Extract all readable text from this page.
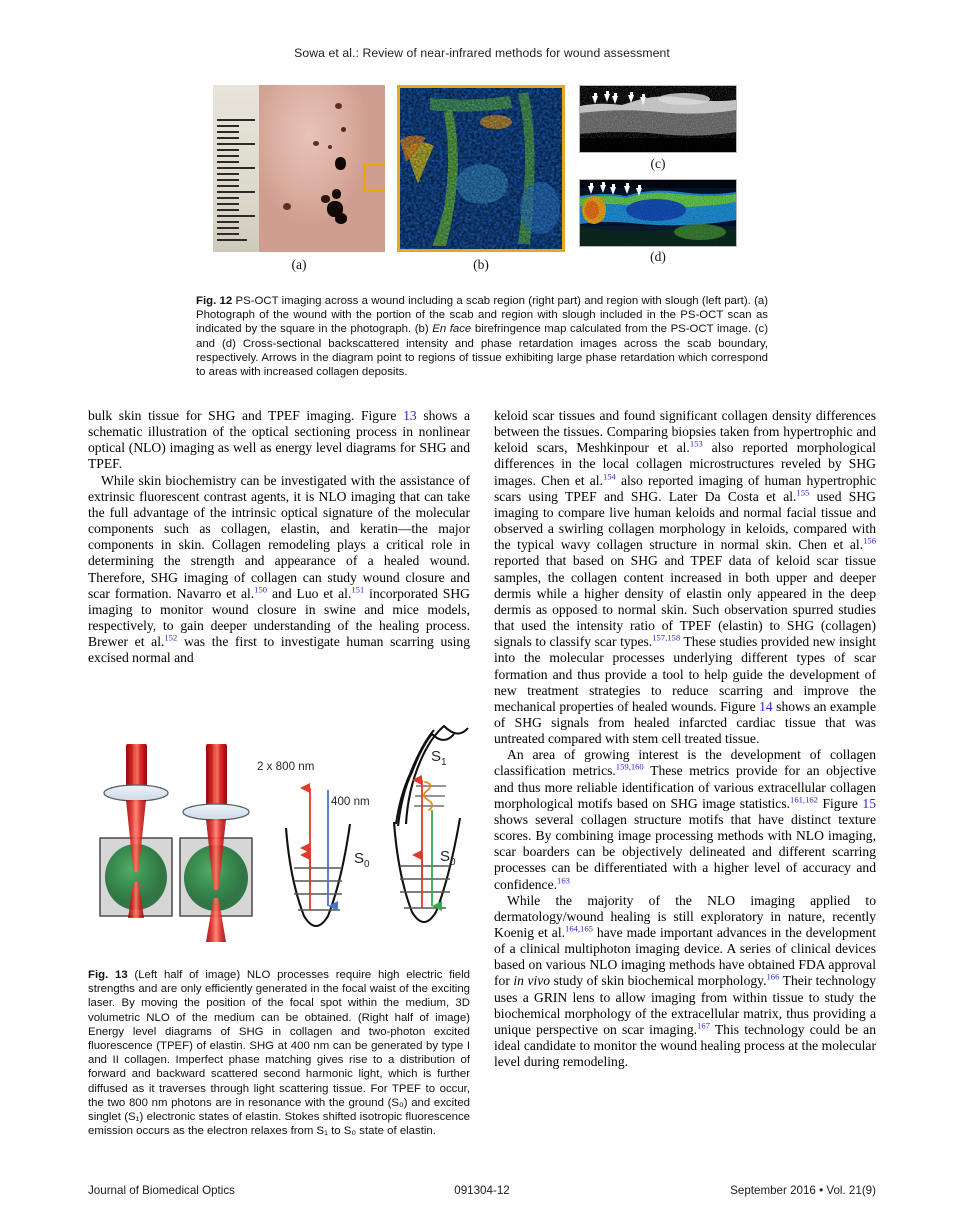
Sowa et al.: Review of near-infrared methods for wound assessment
(a)	(b)
(c)
(d)
Fig. 12 PS-OCT imaging across a wound including a scab region (right part) and region with slough (left part). (a) Photograph of the wound with the portion of the scab and region with slough included in the PS-OCT scan as indicated by the square in the photograph. (b) En face birefringence map calculated from the PS-OCT image. (c) and (d) Cross-sectional backscattered intensity and phase retardation images across the scab boundary, respectively. Arrows in the diagram point to regions of tissue exhibiting large phase retardation which correspond to areas with increased collagen deposits.

bulk skin tissue for SHG and TPEF imaging. Figure 13 shows a schematic illustration of the optical sectioning process in nonlinear optical (NLO) imaging as well as energy level diagrams for SHG and TPEF.

While skin biochemistry can be investigated with the assistance of extrinsic fluorescent contrast agents, it is NLO imaging that can take the full advantage of the intrinsic optical signature of the molecular components such as collagen, elastin, and keratin—the major components in skin. Collagen remodeling plays a critical role in determining the strength and appearance of a healed wound. Therefore, SHG imaging of collagen can study wound closure and scar formation. Navarro et al.$^{150}$ and Luo et al.$^{151}$ incorporated SHG imaging to monitor wound closure in swine and mice models, respectively, to gain deeper understanding of the healing process. Brewer et al.$^{152}$ was the first to investigate human scarring using excised normal and

2 x 800 nm
400 nm
$S_0$
$S_1$
$S_0$
Fig. 13 (Left half of image) NLO processes require high electric field strengths and are only efficiently generated in the focal waist of the exciting laser. By moving the position of the focal spot within the medium, 3D volumetric NLO of the medium can be obtained. (Right half of image) Energy level diagrams of SHG in collagen and two-photon excited fluorescence (TPEF) of elastin. SHG at 400 nm can be generated by type I and II collagen. Imperfect phase matching gives rise to a distribution of forward and backward scattered second harmonic light, which is further diffused as it traverses through light scattering tissue. For TPEF to occur, the two 800 nm photons are in resonance with the ground (S₀) and excited singlet (S₁) electronic states of elastin. Stokes shifted isotropic fluorescence emission occurs as the electron relaxes from S₁ to S₀ state of elastin.

keloid scar tissues and found significant collagen density differences between the tissues. Comparing biopsies taken from hypertrophic and keloid scars, Meshkinpour et al.$^{153}$ also reported morphological differences in the local collagen microstructures reveled by SHG images. Chen et al.$^{154}$ also reported imaging of human hypertrophic scars using TPEF and SHG. Later Da Costa et al.$^{155}$ used SHG imaging to compare live human keloids and normal facial tissue and observed a swirling collagen morphology in keloids, compared with the typical wavy collagen structure in normal skin. Chen et al.$^{156}$ reported that based on SHG and TPEF data of keloid scar tissue samples, the collagen content increased in both upper and deeper dermis while a higher density of elastin only appeared in the deep dermis as opposed to normal skin. Such observation spurred studies that used the intensity ratio of TPEF (elastin) to SHG (collagen) signals to classify scar types.$^{157,158}$ These studies provided new insight into the molecular processes underlying different types of scar formation and thus provide a tool to help guide the development of new treatment strategies to reduce scarring and improve the mechanical properties of healed wounds. Figure 14 shows an example of SHG signals from healed infarcted cardiac tissue that was untreated compared with stem cell treated tissue.

An area of growing interest is the development of collagen classification metrics.$^{159,160}$ These metrics provide for an objective and thus more reliable identification of various extracellular collagen morphological motifs based on SHG image statistics.$^{161,162}$ Figure 15 shows several collagen structure motifs that have distinct texture scores. By combining image processing methods with NLO imaging, scar boarders can be objectively delineated and different scarring processes can be differentiated with a higher level of accuracy and confidence.$^{163}$

While the majority of the NLO imaging applied to dermatology/wound healing is still exploratory in nature, recently Koenig et al.$^{164,165}$ have made important advances in the development of a clinical multiphoton imaging device. A series of clinical devices based on various NLO imaging methods have obtained FDA approval for in vivo study of skin biochemical morphology.$^{166}$ Their technology uses a GRIN lens to allow imaging from within tissue to study the biochemical morphology of the extracellular matrix, thus providing a unique perspective on scar imaging.$^{167}$ This technology could be an ideal candidate to monitor the wound healing process at the molecular level during remodeling.

Journal of Biomedical Optics	091304-12	September 2016 • Vol. 21(9)
